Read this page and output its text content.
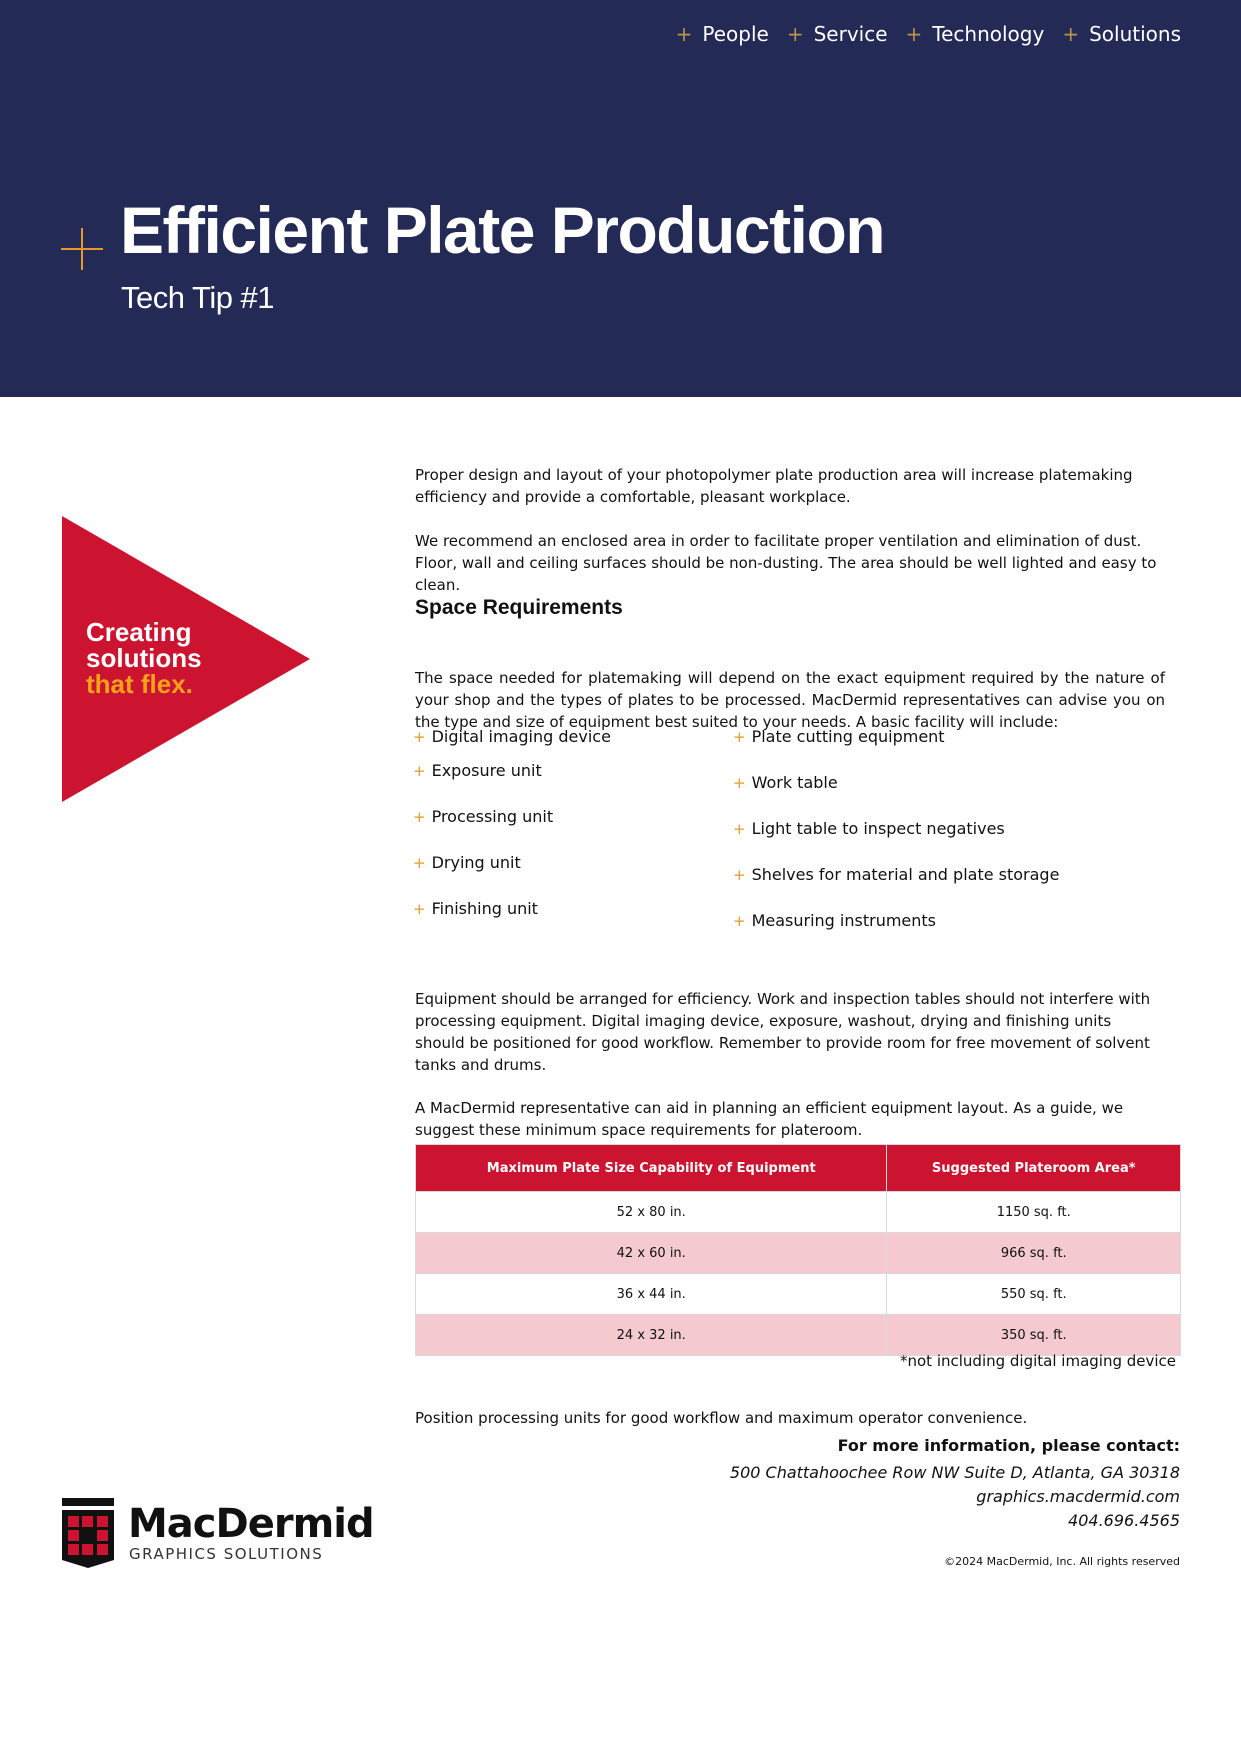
+ People + Service + Technology + Solutions
Efficient Plate Production
Tech Tip #1
Creating
solutions
that flex.

Proper design and layout of your photopolymer plate production area will increase platemaking efficiency and provide a comfortable, pleasant workplace.

We recommend an enclosed area in order to facilitate proper ventilation and elimination of dust. Floor, wall and ceiling surfaces should be non-dusting. The area should be well lighted and easy to clean.

Space Requirements

The space needed for platemaking will depend on the exact equipment required by the nature of your shop and the types of plates to be processed. MacDermid representatives can advise you on the type and size of equipment best suited to your needs. A basic facility will include:

+ Digital imaging device
+ Exposure unit
+ Processing unit
+ Drying unit
+ Finishing unit
+ Plate cutting equipment
+ Work table
+ Light table to inspect negatives
+ Shelves for material and plate storage
+ Measuring instruments

Equipment should be arranged for efficiency. Work and inspection tables should not interfere with processing equipment. Digital imaging device, exposure, washout, drying and finishing units should be positioned for good workflow. Remember to provide room for free movement of solvent tanks and drums.

A MacDermid representative can aid in planning an efficient equipment layout. As a guide, we suggest these minimum space requirements for plateroom.

Maximum Plate Size Capability of Equipment	Suggested Plateroom Area*
52 x 80 in.	1150 sq. ft.
42 x 60 in.	966 sq. ft.
36 x 44 in.	550 sq. ft.
24 x 32 in.	350 sq. ft.
*not including digital imaging device

Position processing units for good workflow and maximum operator convenience.

For more information, please contact:
500 Chattahoochee Row NW Suite D, Atlanta, GA 30318
graphics.macdermid.com
404.696.4565
©2024 MacDermid, Inc. All rights reserved
MacDermid
GRAPHICS SOLUTIONS
